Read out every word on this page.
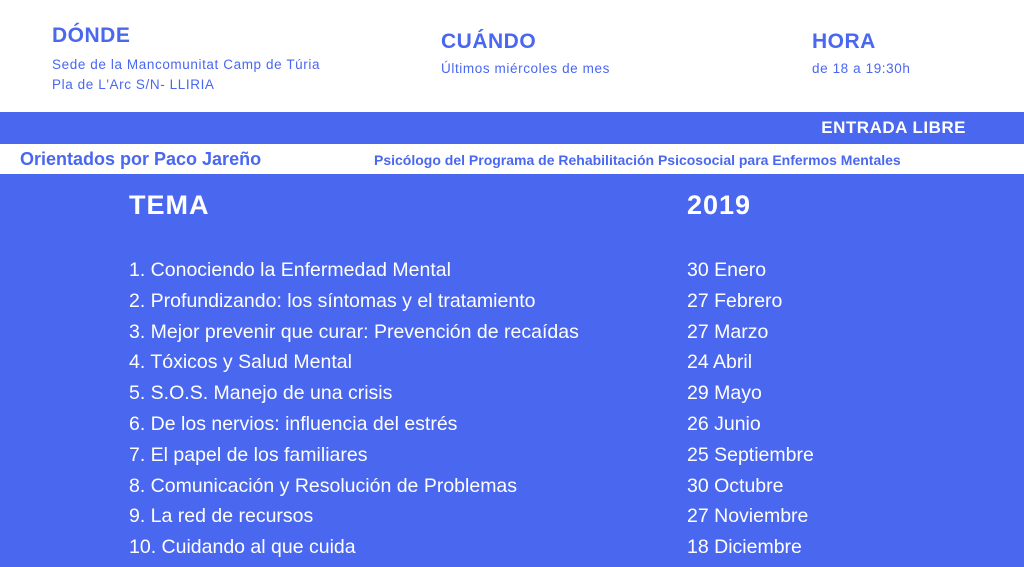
DÓNDE
Sede de la Mancomunitat Camp de Túria
Pla de L'Arc S/N- LLIRIA
CUÁNDO
Últimos miércoles de mes
HORA
de 18 a 19:30h
ENTRADA LIBRE
Orientados por Paco Jareño	Psicólogo del Programa de Rehabilitación Psicosocial para Enfermos Mentales
TEMA	2019
1. Conociendo la Enfermedad Mental
2. Profundizando: los síntomas y el tratamiento
3. Mejor prevenir que curar: Prevención de recaídas
4. Tóxicos y Salud Mental
5. S.O.S. Manejo de una crisis
6. De los nervios: influencia del estrés
7. El papel de los familiares
8. Comunicación y Resolución de Problemas
9. La red de recursos
10. Cuidando al que cuida
30 Enero
27 Febrero
27 Marzo
24 Abril
29 Mayo
26 Junio
25 Septiembre
30 Octubre
27 Noviembre
18 Diciembre
